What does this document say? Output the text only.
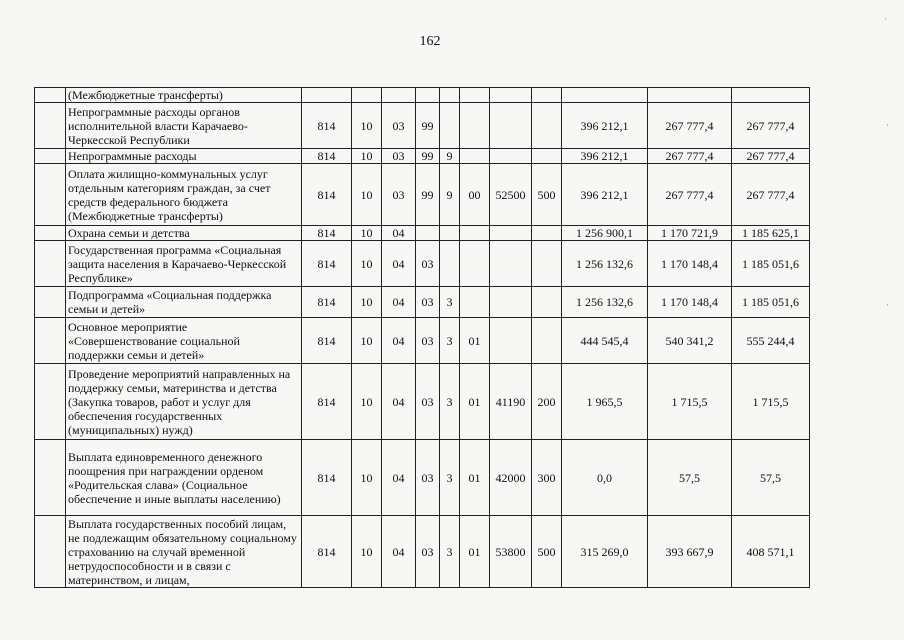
162
·
·
·
	(Межбюджетные трансферты)											
	Непрограммные расходы органов исполнительной власти Карачаево-Черкесской Республики	814	10	03	99					396 212,1	267 777,4	267 777,4
	Непрограммные расходы	814	10	03	99	9				396 212,1	267 777,4	267 777,4
	Оплата жилищно-коммунальных услуг отдельным категориям граждан, за счет средств федерального бюджета (Межбюджетные трансферты)	814	10	03	99	9	00	52500	500	396 212,1	267 777,4	267 777,4
	Охрана семьи и детства	814	10	04						1 256 900,1	1 170 721,9	1 185 625,1
	Государственная программа «Социальная защита населения в Карачаево-Черкесской Республике»	814	10	04	03					1 256 132,6	1 170 148,4	1 185 051,6
	Подпрограмма «Социальная поддержка семьи и детей»	814	10	04	03	3				1 256 132,6	1 170 148,4	1 185 051,6
	Основное мероприятие «Совершенствование социальной поддержки семьи и детей»	814	10	04	03	3	01			444 545,4	540 341,2	555 244,4
	Проведение мероприятий направленных на поддержку семьи, материнства и детства (Закупка товаров, работ и услуг для обеспечения государственных (муниципальных) нужд)	814	10	04	03	3	01	41190	200	1 965,5	1 715,5	1 715,5
	Выплата единовременного денежного поощрения при награждении орденом «Родительская слава» (Социальное обеспечение и иные выплаты населению)	814	10	04	03	3	01	42000	300	0,0	57,5	57,5
	Выплата государственных пособий лицам, не подлежащим обязательному социальному страхованию на случай временной нетрудоспособности и в связи с материнством, и лицам,	814	10	04	03	3	01	53800	500	315 269,0	393 667,9	408 571,1
